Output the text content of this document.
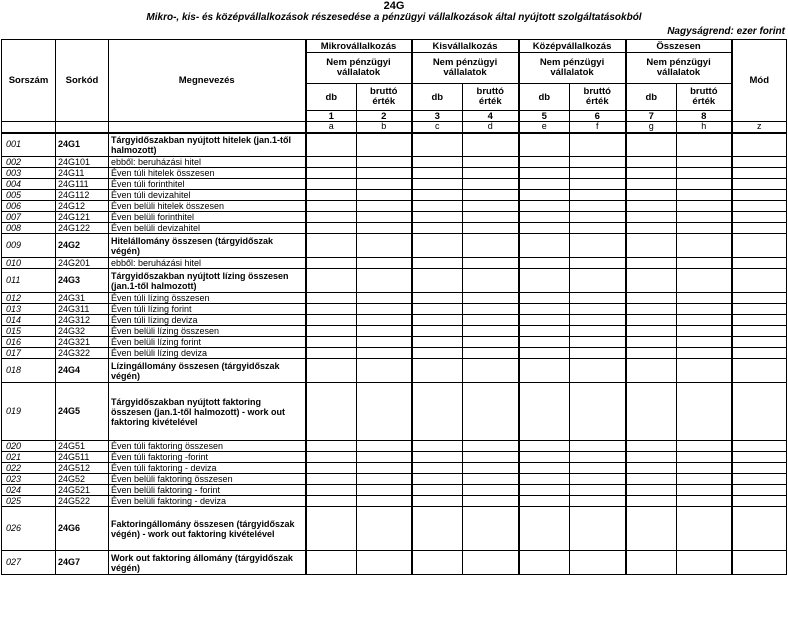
24G
Mikro-, kis- és középvállalkozások részesedése a pénzügyi vállalkozások által nyújtott szolgáltatásokból
Nagyságrend: ezer forint
Sorszám	Sorkód	Megnevezés	Mikrovállalkozás		Kisvállalkozás		Középvállalkozás		Összesen		Mód
			Nem pénzügyi vállalatok		Nem pénzügyi vállalatok		Nem pénzügyi vállalatok		Nem pénzügyi vállalatok		
			db	bruttó érték	db	bruttó érték	db	bruttó érték	db	bruttó érték	
			1	2	3	4	5	6	7	8	
			a	b	c	d	e	f	g	h	z
001	24G1	Tárgyidőszakban nyújtott hitelek (jan.1-től halmozott)									
002	24G101	ebből: beruházási hitel									
003	24G11	Éven túli hitelek összesen									
004	24G111	Éven túli forinthitel									
005	24G112	Éven túli devizahitel									
006	24G12	Éven belüli hitelek összesen									
007	24G121	Éven belüli forinthitel									
008	24G122	Éven belüli devizahitel									
009	24G2	Hitelállomány összesen (tárgyidőszak végén)									
010	24G201	ebből: beruházási hitel									
011	24G3	Tárgyidőszakban nyújtott lízing összesen (jan.1-től halmozott)									
012	24G31	Éven túli lízing összesen									
013	24G311	Éven túli lízing forint									
014	24G312	Éven túli lízing deviza									
015	24G32	Éven belüli lízing összesen									
016	24G321	Éven belüli lízing forint									
017	24G322	Éven belüli lízing deviza									
018	24G4	Lízingállomány összesen (tárgyidőszak végén)									
019	24G5	Tárgyidőszakban nyújtott faktoring összesen (jan.1-től halmozott) - work out faktoring kivételével									
020	24G51	Éven túli faktoring összesen									
021	24G511	Éven túli faktoring -forint									
022	24G512	Éven túli faktoring - deviza									
023	24G52	Éven belüli faktoring összesen									
024	24G521	Éven belüli faktoring - forint									
025	24G522	Éven belüli faktoring - deviza									
026	24G6	Faktoringállomány összesen (tárgyidőszak végén) - work out faktoring kivételével									
027	24G7	Work out faktoring állomány (tárgyidőszak végén)									
